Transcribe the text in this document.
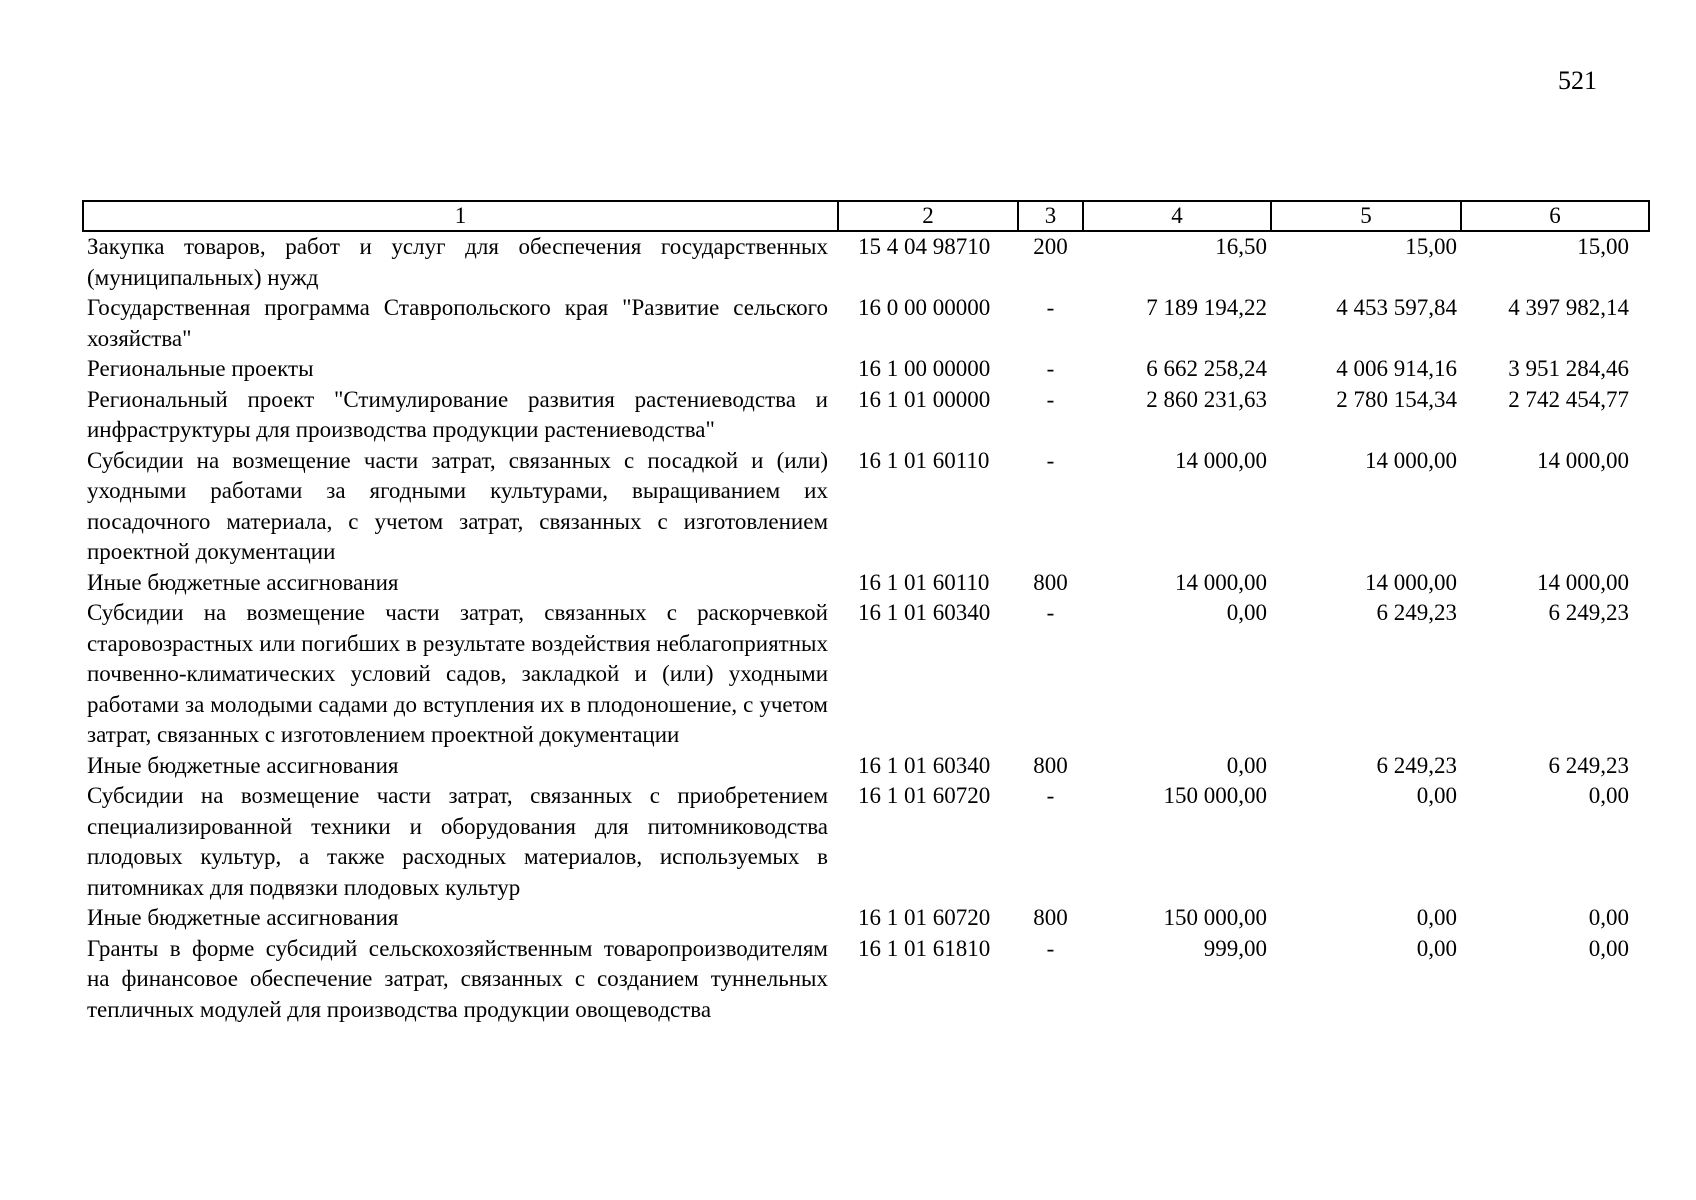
521
1	2	3	4	5	6
Закупка товаров, работ и услуг для обеспечения государственных (муниципальных) нужд	15 4 04 98710	200	16,50	15,00	15,00
Государственная программа Ставропольского края "Развитие сельского хозяйства"	16 0 00 00000	-	7 189 194,22	4 453 597,84	4 397 982,14
Региональные проекты	16 1 00 00000	-	6 662 258,24	4 006 914,16	3 951 284,46
Региональный проект "Стимулирование развития растениеводства и инфраструктуры для производства продукции растениеводства"	16 1 01 00000	-	2 860 231,63	2 780 154,34	2 742 454,77
Субсидии на возмещение части затрат, связанных с посадкой и (или) уходными работами за ягодными культурами, выращиванием их посадочного материала, с учетом затрат, связанных с изготовлением проектной документации	16 1 01 60110	-	14 000,00	14 000,00	14 000,00
Иные бюджетные ассигнования	16 1 01 60110	800	14 000,00	14 000,00	14 000,00
Субсидии на возмещение части затрат, связанных с раскорчевкой старовозрастных или погибших в результате воздействия неблагоприятных почвенно-климатических условий садов, закладкой и (или) уходными работами за молодыми садами до вступления их в плодоношение, с учетом затрат, связанных с изготовлением проектной документации	16 1 01 60340	-	0,00	6 249,23	6 249,23
Иные бюджетные ассигнования	16 1 01 60340	800	0,00	6 249,23	6 249,23
Субсидии на возмещение части затрат, связанных с приобретением специализированной техники и оборудования для питомниководства плодовых культур, а также расходных материалов, используемых в питомниках для подвязки плодовых культур	16 1 01 60720	-	150 000,00	0,00	0,00
Иные бюджетные ассигнования	16 1 01 60720	800	150 000,00	0,00	0,00
Гранты в форме субсидий сельскохозяйственным товаропроизводителям на финансовое обеспечение затрат, связанных с созданием туннельных тепличных модулей для производства продукции овощеводства	16 1 01 61810	-	999,00	0,00	0,00
